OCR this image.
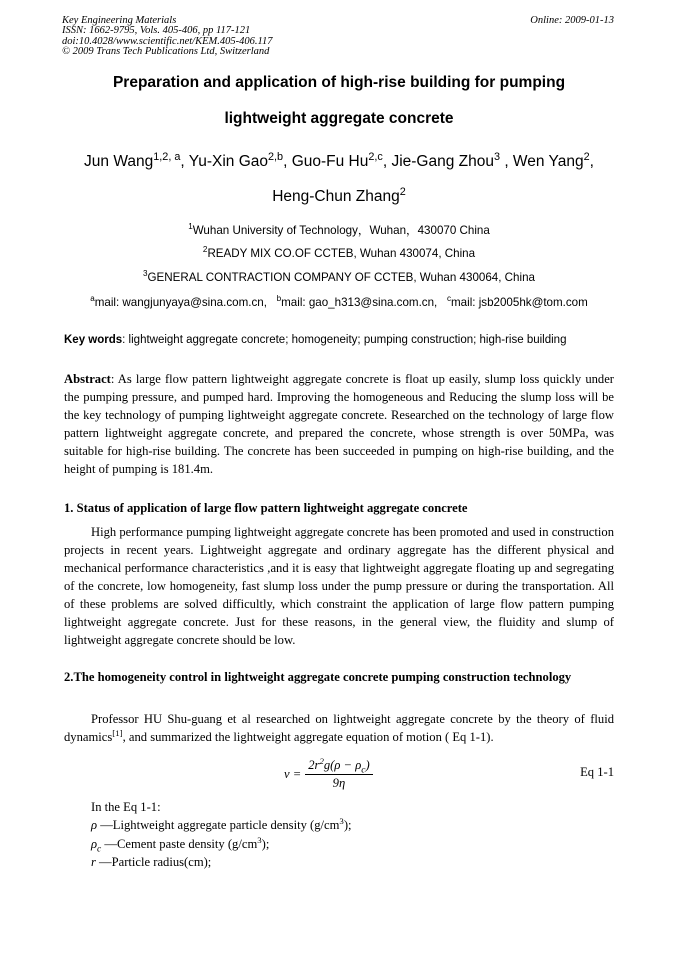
Key Engineering Materials
ISSN: 1662-9795, Vols. 405-406, pp 117-121
doi:10.4028/www.scientific.net/KEM.405-406.117
© 2009 Trans Tech Publications Ltd, Switzerland
Online: 2009-01-13
Preparation and application of high-rise building for pumping
lightweight aggregate concrete
Jun Wang$^{1,2, a}$, Yu-Xin Gao$^{2,b}$, Guo-Fu Hu$^{2,c}$, Jie-Gang Zhou$^3$ , Wen Yang$^2$,
Heng-Chun Zhang$^2$
$^1$Wuhan University of Technology，Wuhan，430070 China
$^2$READY MIX CO.OF CCTEB, Wuhan 430074, China
$^3$GENERAL CONTRACTION COMPANY OF CCTEB, Wuhan 430064, China
$^a$mail: wangjunyaya@sina.com.cn, $^b$mail: gao_h313@sina.com.cn, $^c$mail: jsb2005hk@tom.com
Key words: lightweight aggregate concrete; homogeneity; pumping construction; high-rise building
Abstract: As large flow pattern lightweight aggregate concrete is float up easily, slump loss quickly under the pumping pressure, and pumped hard. Improving the homogeneous and Reducing the slump loss will be the key technology of pumping lightweight aggregate concrete. Researched on the technology of large flow pattern lightweight aggregate concrete, and prepared the concrete, whose strength is over 50MPa, was suitable for high-rise building. The concrete has been succeeded in pumping on high-rise building, and the height of pumping is 181.4m.
1. Status of application of large flow pattern lightweight aggregate concrete
High performance pumping lightweight aggregate concrete has been promoted and used in construction projects in recent years. Lightweight aggregate and ordinary aggregate has the different physical and mechanical performance characteristics ,and it is easy that lightweight aggregate floating up and segregating of the concrete, low homogeneity, fast slump loss under the pump pressure or during the transportation. All of these problems are solved difficultly, which constraint the application of large flow pattern pumping lightweight aggregate concrete. Just for these reasons, in the general view, the fluidity and slump of lightweight aggregate concrete should be low.
2.The homogeneity control in lightweight aggregate concrete pumping construction technology
Professor HU Shu-guang et al researched on lightweight aggregate concrete by the theory of fluid dynamics[1], and summarized the lightweight aggregate equation of motion ( Eq 1-1).
$v = \frac{2r^2g(\rho - \rho_c)}{9\eta}$	Eq 1-1
In the Eq 1-1:
ρ —Lightweight aggregate particle density $(g/cm^3)$;
$\rho_c$ —Cement paste density $(g/cm^3)$;
r —Particle radius(cm);
